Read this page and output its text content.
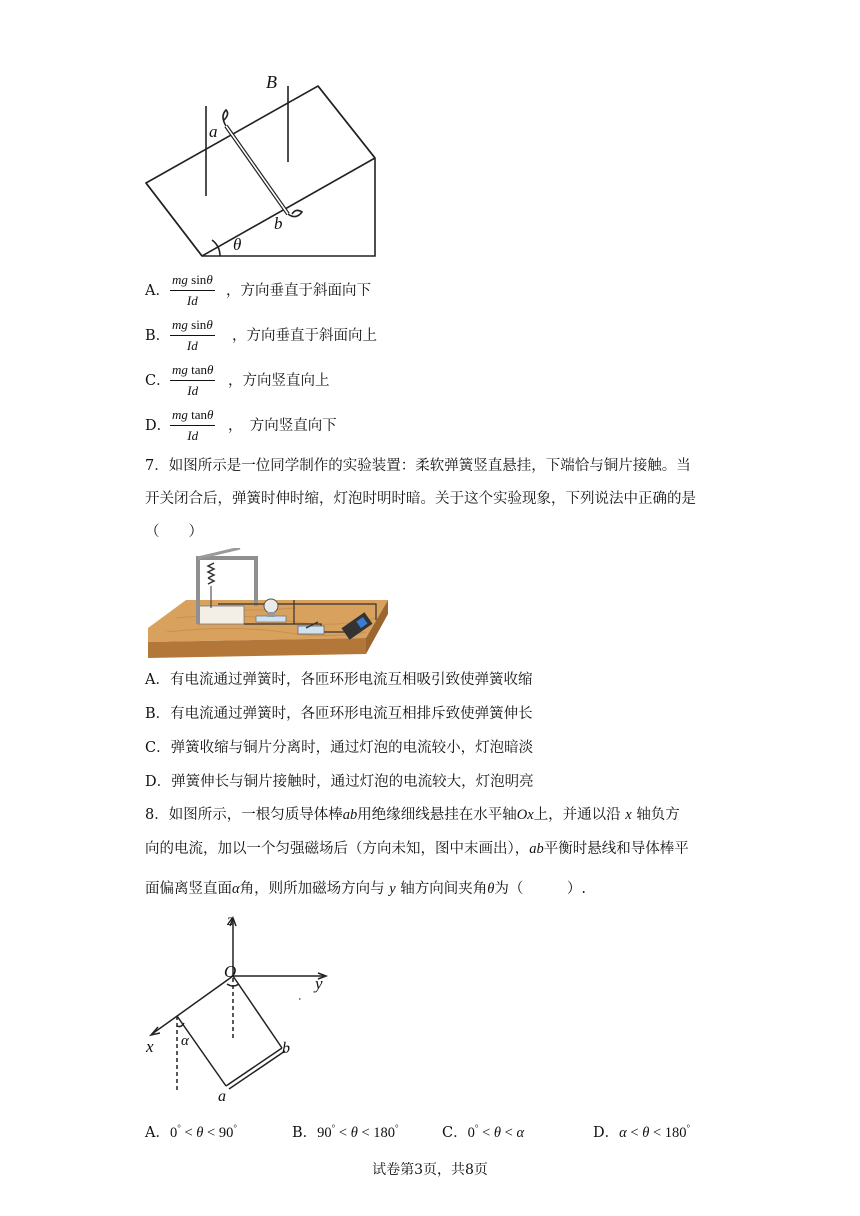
B
a
b
θ
A． $\frac{\text{mg sinθ}}{Id}$ ，方向垂直于斜面向下
B． $\frac{\text{mg sinθ}}{Id}$ ，方向垂直于斜面向上
C． $\frac{\text{mg tanθ}}{Id}$ ，方向竖直向上
D．
$\frac{\text{mg tanθ}}{Id}$ ，　方向竖直向下
7．如图所示是一位同学制作的实验装置：柔软弹簧竖直悬挂，下端恰与铜片接触。当
开关闭合后，弹簧时伸时缩，灯泡时明时暗。关于这个实验现象，下列说法中正确的是
（　　）
A．有电流通过弹簧时，各匝环形电流互相吸引致使弹簧收缩
B．有电流通过弹簧时，各匝环形电流互相排斥致使弹簧伸长
C．弹簧收缩与铜片分离时，通过灯泡的电流较小，灯泡暗淡
D．弹簧伸长与铜片接触时，通过灯泡的电流较大，灯泡明亮
8．如图所示，一根匀质导体棒ab用绝缘细线悬挂在水平轴Ox上，并通以沿 x 轴负方
向的电流，加以一个匀强磁场后（方向未知，图中末画出），ab平衡时悬线和导体棒平
面偏离竖直面α角，则所加磁场方向与 y 轴方向间夹角θ为（　　　）.
z
O
y
x α
a
b
A．0° < θ < 90°	B．90° < θ < 180°	C．0° < θ < α	D．α < θ < 180°
试卷第3页，共8页
